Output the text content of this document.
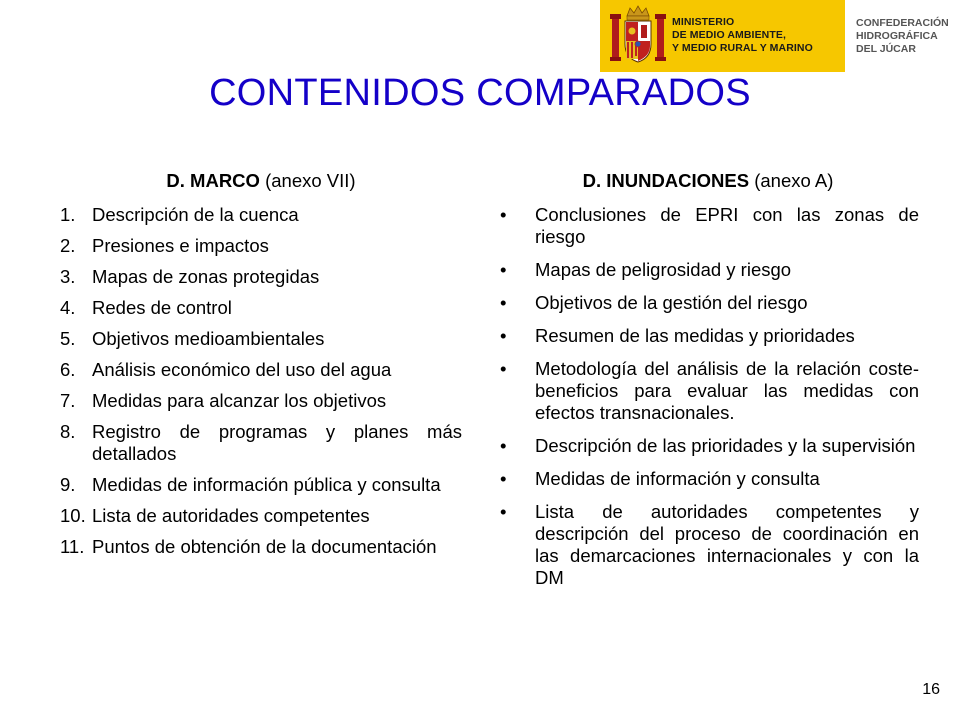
MINISTERIO
DE MEDIO AMBIENTE,
Y MEDIO RURAL Y MARINO
CONFEDERACIÓN
HIDROGRÁFICA
DEL JÚCAR
CONTENIDOS COMPARADOS
D. MARCO (anexo VII)
1. Descripción de la cuenca
2. Presiones e impactos
3. Mapas de zonas protegidas
4. Redes de control
5. Objetivos medioambientales
6. Análisis económico del uso del agua
7. Medidas para alcanzar los objetivos
8. Registro de programas y planes más detallados
9. Medidas de información pública y consulta
10. Lista de autoridades competentes
11. Puntos de obtención de la documentación
D. INUNDACIONES (anexo A)
• Conclusiones de EPRI con las zonas de riesgo
• Mapas de peligrosidad y riesgo
• Objetivos de la gestión del riesgo
• Resumen de las medidas y prioridades
• Metodología del análisis de la relación coste-beneficios para evaluar las medidas con efectos transnacionales.
• Descripción de las prioridades y la supervisión
• Medidas de información y consulta
• Lista de autoridades competentes y descripción del proceso de coordinación en las demarcaciones internacionales y con la DM
16
